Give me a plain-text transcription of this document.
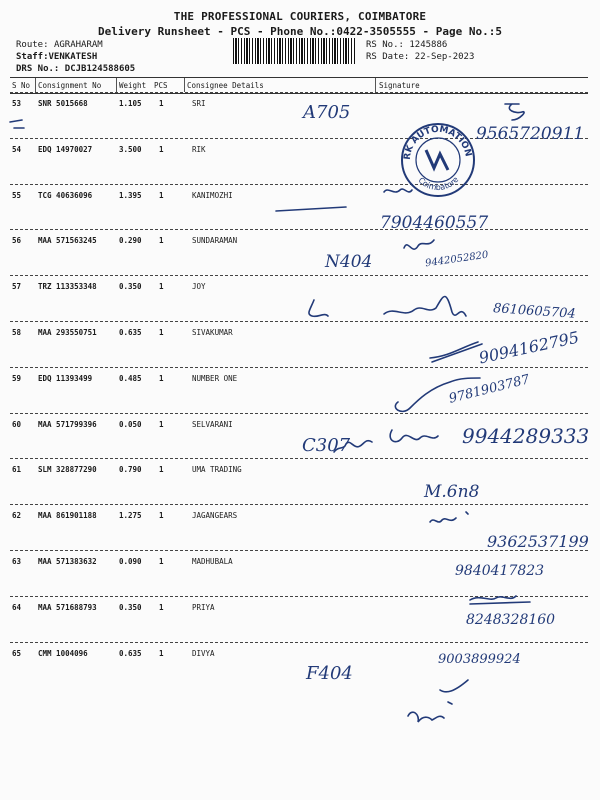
THE PROFESSIONAL COURIERS, COIMBATORE
Delivery Runsheet - PCS - Phone No.:0422-3505555 - Page No.:5
Route: AGRAHARAM
Staff:VENKATESH
DRS No.: DCJB124588605
RS No.: 1245886
RS Date: 22-Sep-2023
S No Consignment No Weight PCS	Consignee Details	Signature
53 SNR 5015668	1.105 1	SRI
54 EDQ 14970027	3.500 1	RIK
55 TCG 40636096	1.395 1	KANIMOZHI
56 MAA 571563245	0.290 1	SUNDARAMAN
57 TRZ 113353348	0.350 1	JOY
58 MAA 293550751	0.635 1	SIVAKUMAR
59 EDQ 11393499	0.485 1	NUMBER ONE
60 MAA 571799396	0.050 1	SELVARANI
61 SLM 328877290	0.790 1	UMA TRADING
62 MAA 861901188	1.275 1	JAGANGEARS
63 MAA 571383632	0.090 1	MADHUBALA
64 MAA 571688793	0.350 1	PRIYA
65 CMM 1004096	0.635 1	DIVYA
RK AUTOMATION
Coimbatore
A705
9565720911
7904460557
N404	9442052820
8610605704
9094162795
9781903787
C307	9944289333
M.6n8
9362537199
9840417823
8248328160
F404
9003899924
